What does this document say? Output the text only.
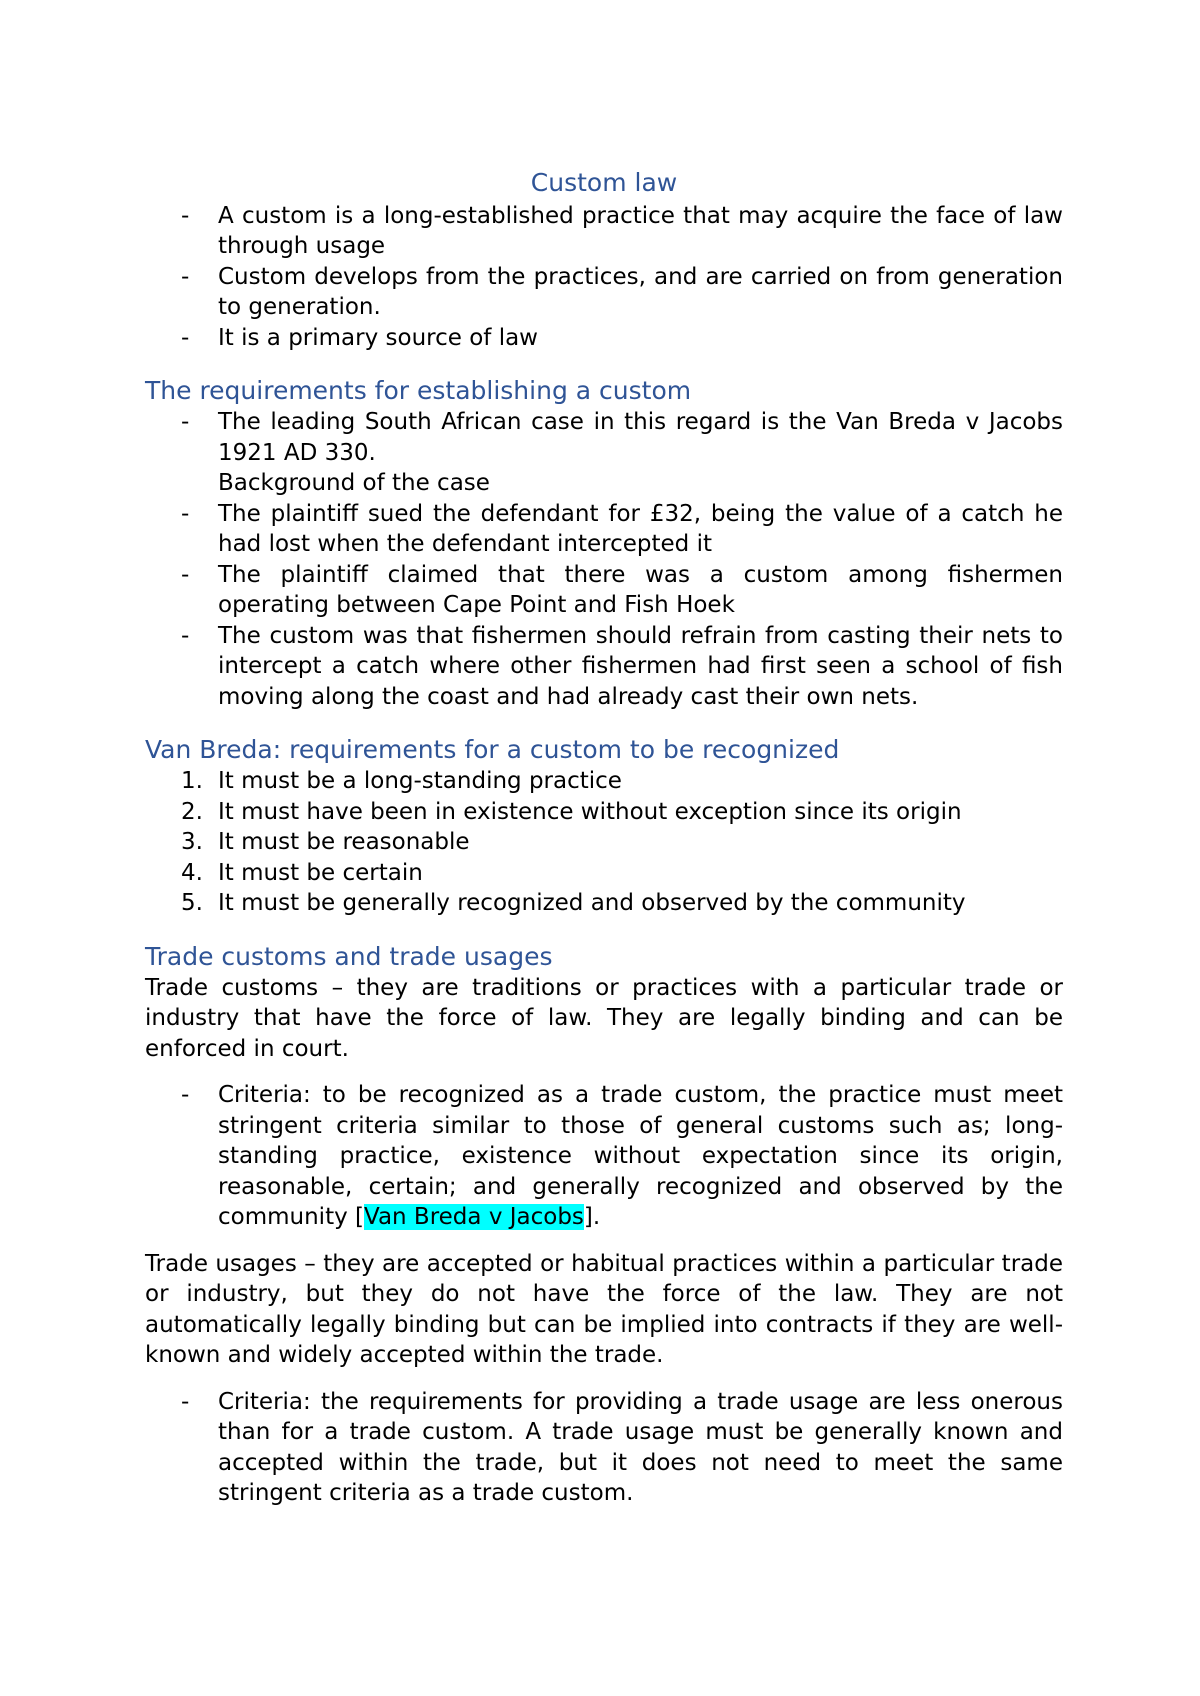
Custom law
- A custom is a long-established practice that may acquire the face of law through usage
- Custom develops from the practices, and are carried on from generation to generation.
- It is a primary source of law
The requirements for establishing a custom
- The leading South African case in this regard is the Van Breda v Jacobs 1921 AD 330.
Background of the case
- The plaintiff sued the defendant for £32, being the value of a catch he had lost when the defendant intercepted it
- The plaintiff claimed that there was a custom among fishermen operating between Cape Point and Fish Hoek
- The custom was that fishermen should refrain from casting their nets to intercept a catch where other fishermen had first seen a school of fish moving along the coast and had already cast their own nets.
Van Breda: requirements for a custom to be recognized
1. It must be a long-standing practice
2. It must have been in existence without exception since its origin
3. It must be reasonable
4. It must be certain
5. It must be generally recognized and observed by the community
Trade customs and trade usages

Trade customs – they are traditions or practices with a particular trade or industry that have the force of law. They are legally binding and can be enforced in court.

- Criteria: to be recognized as a trade custom, the practice must meet stringent criteria similar to those of general customs such as; long-standing practice, existence without expectation since its origin, reasonable, certain; and generally recognized and observed by the community [Van Breda v Jacobs].

Trade usages – they are accepted or habitual practices within a particular trade or industry, but they do not have the force of the law. They are not automatically legally binding but can be implied into contracts if they are well-known and widely accepted within the trade.

- Criteria: the requirements for providing a trade usage are less onerous than for a trade custom. A trade usage must be generally known and accepted within the trade, but it does not need to meet the same stringent criteria as a trade custom.
